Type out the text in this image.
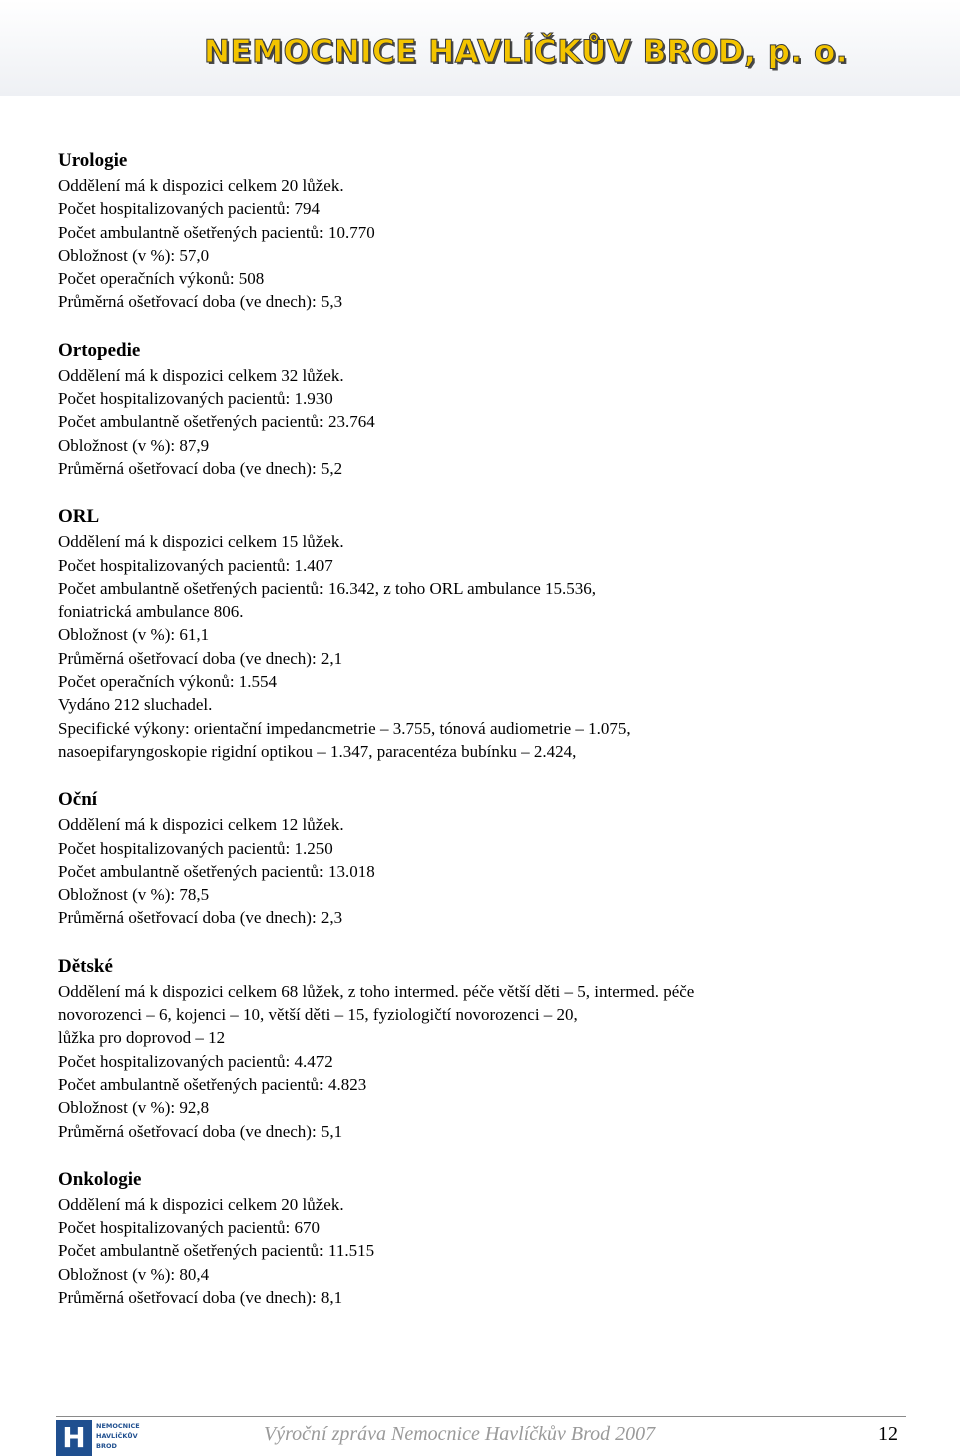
NEMOCNICE HAVLÍČKŮV BROD, p. o.
Urologie
Oddělení má k dispozici celkem 20 lůžek.
Počet hospitalizovaných pacientů: 794
Počet ambulantně ošetřených pacientů: 10.770
Obložnost (v %): 57,0
Počet operačních výkonů: 508
Průměrná ošetřovací doba (ve dnech): 5,3
Ortopedie
Oddělení má k dispozici celkem 32 lůžek.
Počet hospitalizovaných pacientů: 1.930
Počet ambulantně ošetřených pacientů: 23.764
Obložnost (v %): 87,9
Průměrná ošetřovací doba (ve dnech): 5,2
ORL
Oddělení má k dispozici celkem 15 lůžek.
Počet hospitalizovaných pacientů: 1.407
Počet ambulantně ošetřených pacientů: 16.342, z toho ORL ambulance 15.536,
foniatrická ambulance 806.
Obložnost (v %): 61,1
Průměrná ošetřovací doba (ve dnech): 2,1
Počet operačních výkonů: 1.554
Vydáno 212 sluchadel.
Specifické výkony: orientační impedancmetrie – 3.755, tónová audiometrie – 1.075,
nasoepifaryngoskopie rigidní optikou – 1.347, paracentéza bubínku – 2.424,
Oční
Oddělení má k dispozici celkem 12 lůžek.
Počet hospitalizovaných pacientů: 1.250
Počet ambulantně ošetřených pacientů: 13.018
Obložnost (v %): 78,5
Průměrná ošetřovací doba (ve dnech): 2,3
Dětské
Oddělení má k dispozici celkem 68 lůžek, z toho intermed. péče větší děti – 5, intermed. péče
novorozenci – 6, kojenci – 10, větší děti – 15, fyziologičtí novorozenci – 20,
lůžka pro doprovod – 12
Počet hospitalizovaných pacientů: 4.472
Počet ambulantně ošetřených pacientů: 4.823
Obložnost (v %): 92,8
Průměrná ošetřovací doba (ve dnech): 5,1
Onkologie
Oddělení má k dispozici celkem 20 lůžek.
Počet hospitalizovaných pacientů: 670
Počet ambulantně ošetřených pacientů: 11.515
Obložnost (v %): 80,4
Průměrná ošetřovací doba (ve dnech): 8,1
H	NEMOCNICE HAVLÍČKŮV BROD
Výroční zpráva Nemocnice Havlíčkův Brod 2007	12
